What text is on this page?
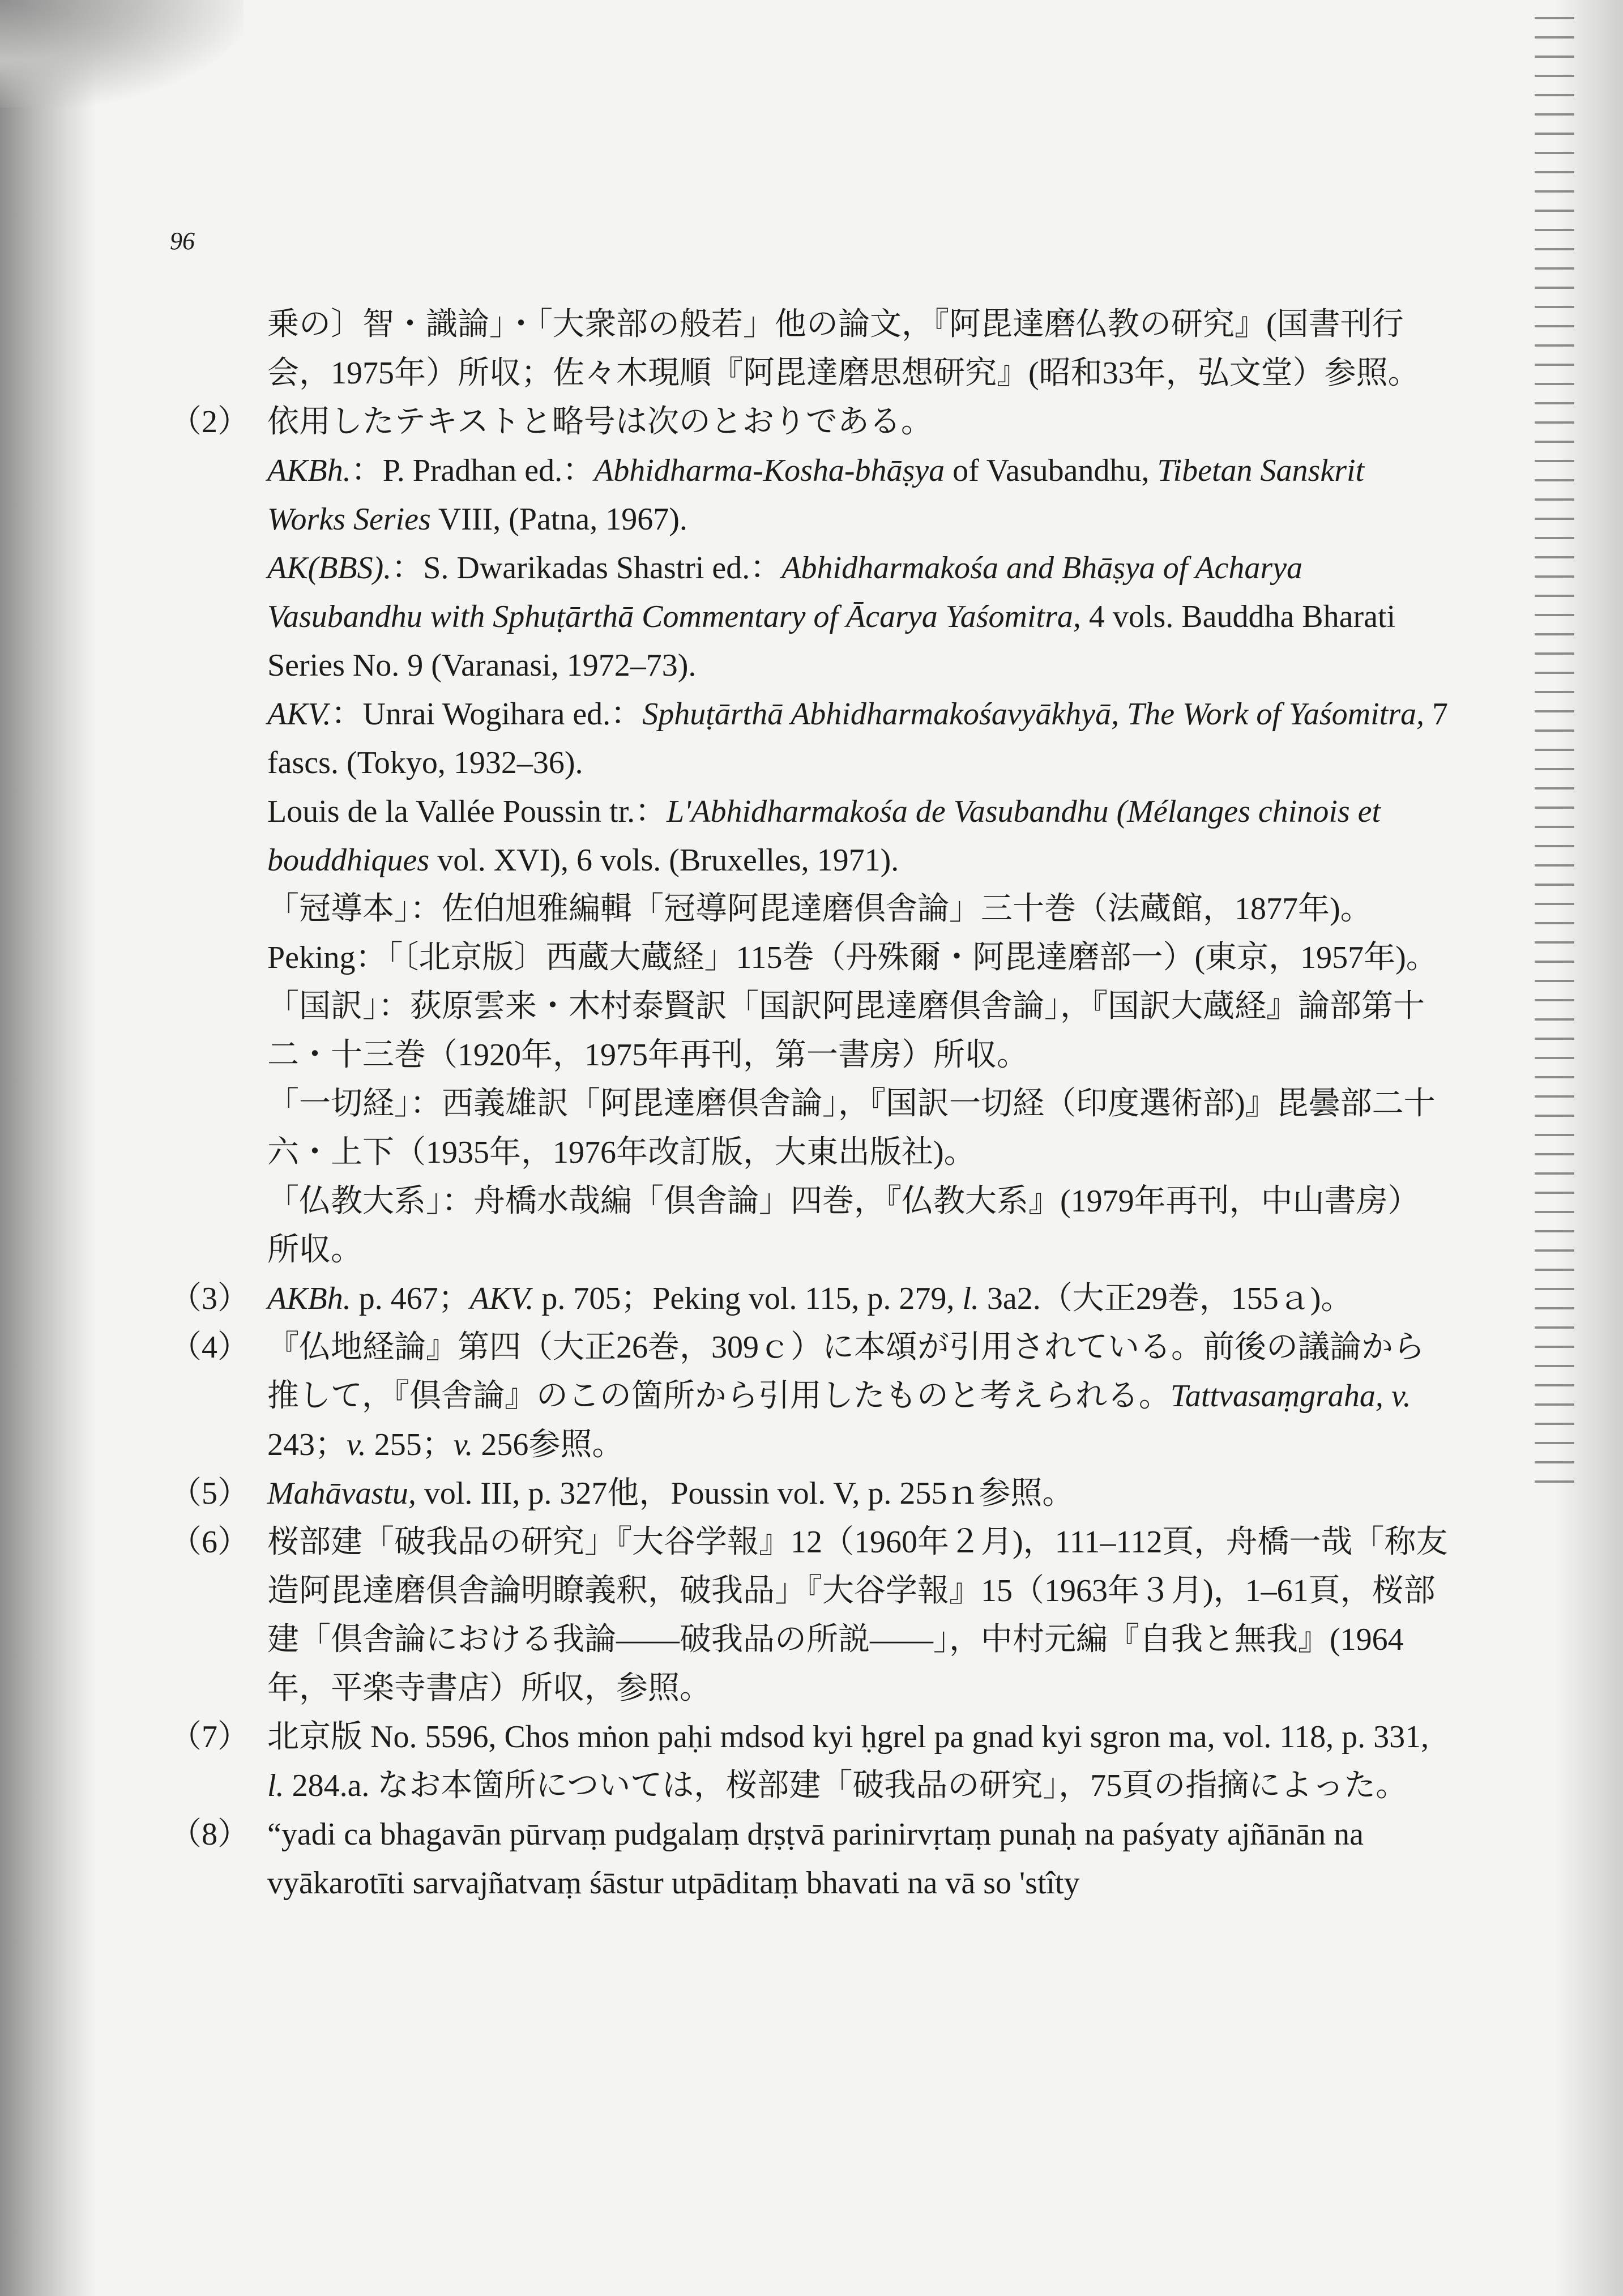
96
乗の〕智・識論」・「大衆部の般若」他の論文，『阿毘達磨仏教の研究』(国書刊行
会，1975年）所収；佐々木現順『阿毘達磨思想研究』(昭和33年，弘文堂）参照。
（2） 依用したテキストと略号は次のとおりである。
AKBh.：P. Pradhan ed.：Abhidharma-Kosha-bhāṣya of Vasubandhu, Tibetan Sanskrit Works Series VIII, (Patna, 1967).
AK(BBS).：S. Dwarikadas Shastri ed.：Abhidharmakośa and Bhāṣya of Acharya Vasubandhu with Sphuṭārthā Commentary of Ācarya Yaśomitra, 4 vols. Bauddha Bharati Series No. 9 (Varanasi, 1972–73).
AKV.：Unrai Wogihara ed.：Sphuṭārthā Abhidharmakośavyākhyā, The Work of Yaśomitra, 7 fascs. (Tokyo, 1932–36).
Louis de la Vallée Poussin tr.：L'Abhidharmakośa de Vasubandhu (Mélanges chinois et bouddhiques vol. XVI), 6 vols. (Bruxelles, 1971).
「冠導本」：佐伯旭雅編輯「冠導阿毘達磨倶舎論」三十巻（法蔵館，1877年)。
Peking：「〔北京版〕西蔵大蔵経」115巻（丹殊爾・阿毘達磨部一）(東京，1957年)。
「国訳」：荻原雲来・木村泰賢訳「国訳阿毘達磨倶舎論」，『国訳大蔵経』論部第十二・十三巻（1920年，1975年再刊，第一書房）所収。
「一切経」：西義雄訳「阿毘達磨倶舎論」，『国訳一切経（印度選術部)』毘曇部二十六・上下（1935年，1976年改訂版，大東出版社)。
「仏教大系」：舟橋水哉編「倶舎論」四巻，『仏教大系』(1979年再刊，中山書房）所収。
（3） AKBh. p. 467；AKV. p. 705；Peking vol. 115, p. 279, l. 3a2.（大正29巻，155ａ)。
（4） 『仏地経論』第四（大正26巻，309ｃ）に本頌が引用されている。前後の議論から推して，『倶舎論』のこの箇所から引用したものと考えられる。Tattvasaṃgraha, v. 243；v. 255；v. 256参照。
（5） Mahāvastu, vol. III, p. 327他，Poussin vol. V, p. 255ｎ参照。
（6） 桜部建「破我品の研究」『大谷学報』12（1960年２月)，111–112頁，舟橋一哉「称友造阿毘達磨倶舎論明瞭義釈，破我品」『大谷学報』15（1963年３月)，1–61頁，桜部建「倶舎論における我論――破我品の所説――」，中村元編『自我と無我』(1964年，平楽寺書店）所収，参照。
（7） 北京版 No. 5596, Chos mṅon paḥi mdsod kyi ḥgrel pa gnad kyi sgron ma, vol. 118, p. 331, l. 284.a. なお本箇所については，桜部建「破我品の研究」，75頁の指摘によった。
（8） “yadi ca bhagavān pūrvaṃ pudgalaṃ dṛṣṭvā parinirvṛtaṃ punaḥ na paśyaty ajñānān na vyākarotīti sarvajñatvaṃ śāstur utpāditaṃ bhavati na vā so 'stîty
